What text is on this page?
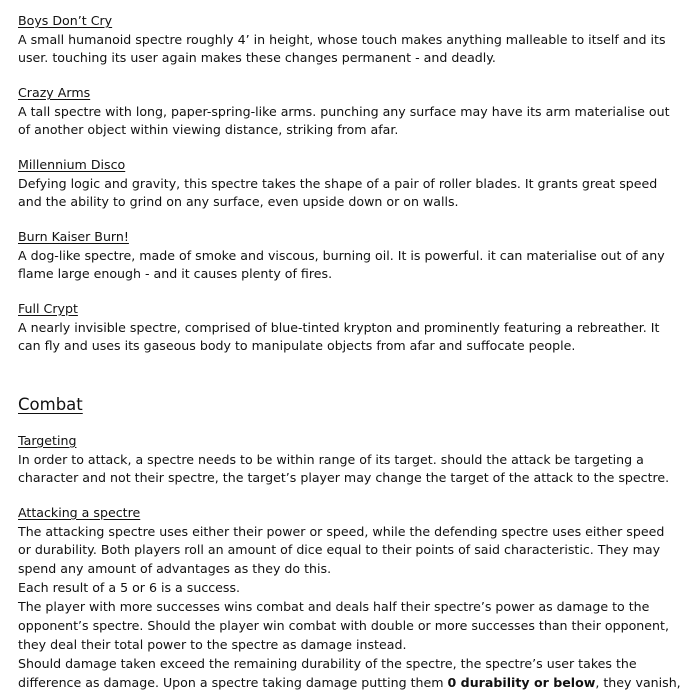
Boys Don’t Cry
A small humanoid spectre roughly 4’ in height, whose touch makes anything malleable to itself and its
user. touching its user again makes these changes permanent - and deadly.
Crazy Arms
A tall spectre with long, paper-spring-like arms. punching any surface may have its arm materialise out
of another object within viewing distance, striking from afar.
Millennium Disco
Defying logic and gravity, this spectre takes the shape of a pair of roller blades. It grants great speed
and the ability to grind on any surface, even upside down or on walls.
Burn Kaiser Burn!
A dog-like spectre, made of smoke and viscous, burning oil. It is powerful. it can materialise out of any
flame large enough - and it causes plenty of fires.
Full Crypt
A nearly invisible spectre, comprised of blue-tinted krypton and prominently featuring a rebreather. It
can fly and uses its gaseous body to manipulate objects from afar and suffocate people.
Combat
Targeting
In order to attack, a spectre needs to be within range of its target. should the attack be targeting a
character and not their spectre, the target’s player may change the target of the attack to the spectre.
Attacking a spectre
The attacking spectre uses either their power or speed, while the defending spectre uses either speed
or durability. Both players roll an amount of dice equal to their points of said characteristic. They may
spend any amount of advantages as they do this.
Each result of a 5 or 6 is a success.
The player with more successes wins combat and deals half their spectre’s power as damage to the
opponent’s spectre. Should the player win combat with double or more successes than their opponent,
they deal their total power to the spectre as damage instead.
Should damage taken exceed the remaining durability of the spectre, the spectre’s user takes the
difference as damage. Upon a spectre taking damage putting them 0 durability or below, they vanish,
